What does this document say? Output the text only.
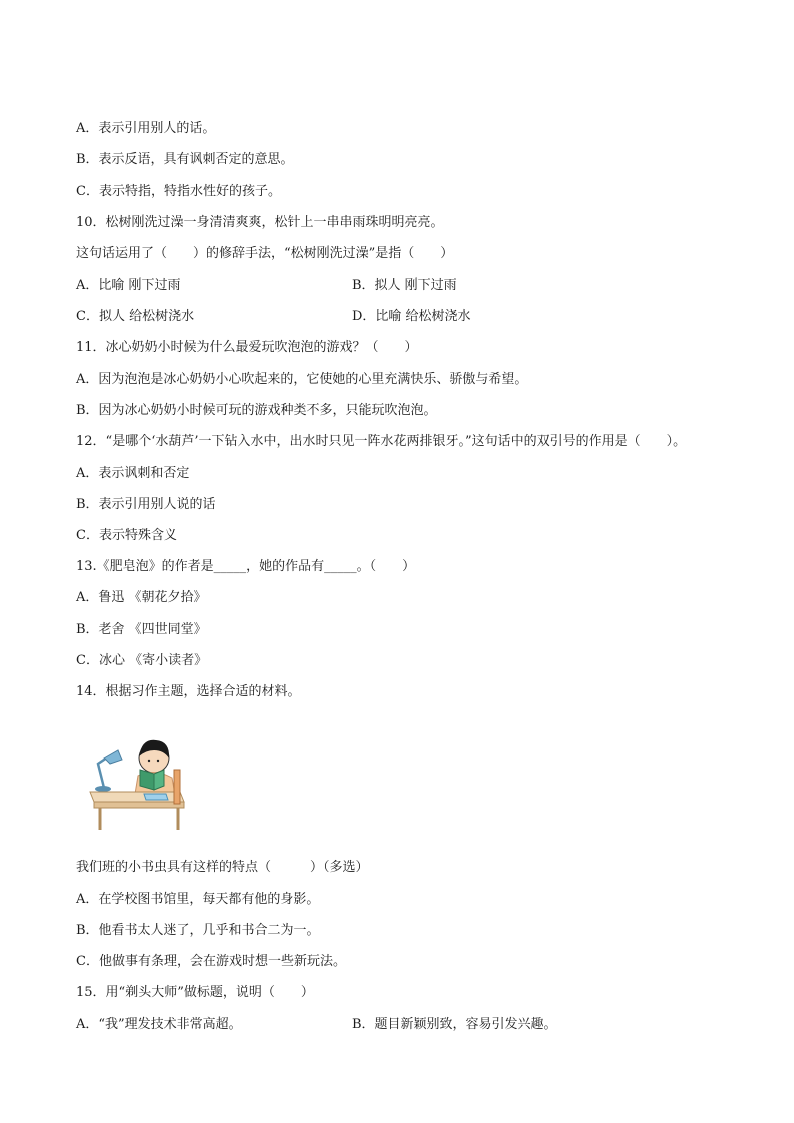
A．表示引用别人的话。
B．表示反语，具有讽刺否定的意思。
C．表示特指，特指水性好的孩子。
10．松树刚洗过澡一身清清爽爽，松针上一串串雨珠明明亮亮。
这句话运用了（　　）的修辞手法，“松树刚洗过澡”是指（　　）
A．比喻 刚下过雨	B．拟人 刚下过雨
C．拟人 给松树浇水	D．比喻 给松树浇水
11．冰心奶奶小时候为什么最爱玩吹泡泡的游戏？（　　）
A．因为泡泡是冰心奶奶小心吹起来的，它使她的心里充满快乐、骄傲与希望。
B．因为冰心奶奶小时候可玩的游戏种类不多，只能玩吹泡泡。
12．“是哪个‘水葫芦’一下钻入水中，出水时只见一阵水花两排银牙。”这句话中的双引号的作用是（　　）。
A．表示讽刺和否定
B．表示引用别人说的话
C．表示特殊含义
13.《肥皂泡》的作者是_____，她的作品有_____。（　　）
A．鲁迅 《朝花夕拾》
B．老舍 《四世同堂》
C．冰心 《寄小读者》
14．根据习作主题，选择合适的材料。
我们班的小书虫具有这样的特点（　　　）（多选）
A．在学校图书馆里，每天都有他的身影。
B．他看书太人迷了，几乎和书合二为一。
C．他做事有条理，会在游戏时想一些新玩法。
15．用“剃头大师”做标题，说明（　　）
A．“我”理发技术非常高超。	B．题目新颖别致，容易引发兴趣。
